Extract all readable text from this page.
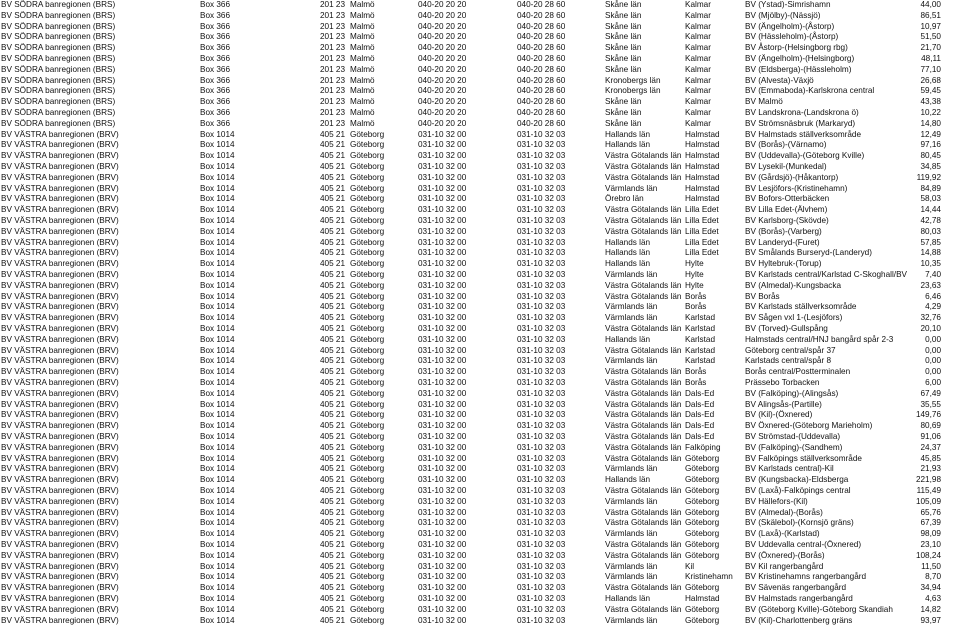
BV SÖDRA banregionen (BRS)	Box 366	201 23 Malmö	040-20 20 20	040-20 28 60	Skåne län	Kalmar	BV (Ystad)-Simrishamn	44,00
BV SÖDRA banregionen (BRS)	Box 366	201 23 Malmö	040-20 20 20	040-20 28 60	Skåne län	Kalmar	BV (Mjölby)-(Nässjö)	86,51
BV SÖDRA banregionen (BRS)	Box 366	201 23 Malmö	040-20 20 20	040-20 28 60	Skåne län	Kalmar	BV (Ängelholm)-(Åstorp)	10,97
BV SÖDRA banregionen (BRS)	Box 366	201 23 Malmö	040-20 20 20	040-20 28 60	Skåne län	Kalmar	BV (Hässleholm)-(Åstorp)	51,50
BV SÖDRA banregionen (BRS)	Box 366	201 23 Malmö	040-20 20 20	040-20 28 60	Skåne län	Kalmar	BV Åstorp-(Helsingborg rbg)	21,70
BV SÖDRA banregionen (BRS)	Box 366	201 23 Malmö	040-20 20 20	040-20 28 60	Skåne län	Kalmar	BV (Ängelholm)-(Helsingborg)	48,11
BV SÖDRA banregionen (BRS)	Box 366	201 23 Malmö	040-20 20 20	040-20 28 60	Skåne län	Kalmar	BV (Eldsberga)-(Hässleholm)	77,10
BV SÖDRA banregionen (BRS)	Box 366	201 23 Malmö	040-20 20 20	040-20 28 60	Kronobergs län	Kalmar	BV (Alvesta)-Växjö	26,68
BV SÖDRA banregionen (BRS)	Box 366	201 23 Malmö	040-20 20 20	040-20 28 60	Kronobergs län	Kalmar	BV (Emmaboda)-Karlskrona central	59,45
BV SÖDRA banregionen (BRS)	Box 366	201 23 Malmö	040-20 20 20	040-20 28 60	Skåne län	Kalmar	BV Malmö	43,38
BV SÖDRA banregionen (BRS)	Box 366	201 23 Malmö	040-20 20 20	040-20 28 60	Skåne län	Kalmar	BV Landskrona-(Landskrona ö)	10,22
BV SÖDRA banregionen (BRS)	Box 366	201 23 Malmö	040-20 20 20	040-20 28 60	Skåne län	Kalmar	BV Strömsnäsbruk (Markaryd)	14,80
BV VÄSTRA banregionen (BRV)	Box 1014	405 21 Göteborg	031-10 32 00	031-10 32 03	Hallands län	Halmstad	BV Halmstads ställverksområde	12,49
BV VÄSTRA banregionen (BRV)	Box 1014	405 21 Göteborg	031-10 32 00	031-10 32 03	Hallands län	Halmstad	BV (Borås)-(Värnamo)	97,16
BV VÄSTRA banregionen (BRV)	Box 1014	405 21 Göteborg	031-10 32 00	031-10 32 03	Västra Götalands län Halmstad	BV (Uddevalla)-(Göteborg Kville)	80,45
BV VÄSTRA banregionen (BRV)	Box 1014	405 21 Göteborg	031-10 32 00	031-10 32 03	Västra Götalands län Halmstad	BV Lysekil-(Munkedal)	34,85
BV VÄSTRA banregionen (BRV)	Box 1014	405 21 Göteborg	031-10 32 00	031-10 32 03	Västra Götalands län Halmstad	BV (Gårdsjö)-(Håkantorp)	119,92
BV VÄSTRA banregionen (BRV)	Box 1014	405 21 Göteborg	031-10 32 00	031-10 32 03	Värmlands län	Halmstad	BV Lesjöfors-(Kristinehamn)	84,89
BV VÄSTRA banregionen (BRV)	Box 1014	405 21 Göteborg	031-10 32 00	031-10 32 03	Örebro län	Halmstad	BV Bofors-Otterbäcken	58,03
BV VÄSTRA banregionen (BRV)	Box 1014	405 21 Göteborg	031-10 32 00	031-10 32 03	Västra Götalands län Lilla Edet	BV Lilla Edet-(Älvhem)	14,44
BV VÄSTRA banregionen (BRV)	Box 1014	405 21 Göteborg	031-10 32 00	031-10 32 03	Västra Götalands län Lilla Edet	BV Karlsborg-(Skövde)	42,78
BV VÄSTRA banregionen (BRV)	Box 1014	405 21 Göteborg	031-10 32 00	031-10 32 03	Västra Götalands län Lilla Edet	BV (Borås)-(Varberg)	80,03
BV VÄSTRA banregionen (BRV)	Box 1014	405 21 Göteborg	031-10 32 00	031-10 32 03	Hallands län	Lilla Edet	BV Landeryd-(Furet)	57,85
BV VÄSTRA banregionen (BRV)	Box 1014	405 21 Göteborg	031-10 32 00	031-10 32 03	Hallands län	Lilla Edet	BV Smålands Burseryd-(Landeryd)	14,88
BV VÄSTRA banregionen (BRV)	Box 1014	405 21 Göteborg	031-10 32 00	031-10 32 03	Hallands län	Hylte	BV Hyltebruk-(Torup)	10,35
BV VÄSTRA banregionen (BRV)	Box 1014	405 21 Göteborg	031-10 32 00	031-10 32 03	Värmlands län	Hylte	BV Karlstads central/Karlstad C-Skoghall/BV	7,40
BV VÄSTRA banregionen (BRV)	Box 1014	405 21 Göteborg	031-10 32 00	031-10 32 03	Västra Götalands län Hylte	BV (Almedal)-Kungsbacka	23,63
BV VÄSTRA banregionen (BRV)	Box 1014	405 21 Göteborg	031-10 32 00	031-10 32 03	Västra Götalands län Borås	BV Borås	6,46
BV VÄSTRA banregionen (BRV)	Box 1014	405 21 Göteborg	031-10 32 00	031-10 32 03	Värmlands län	Borås	BV Karlstads ställverksområde	4,29
BV VÄSTRA banregionen (BRV)	Box 1014	405 21 Göteborg	031-10 32 00	031-10 32 03	Värmlands län	Karlstad	BV Sågen vxl 1-(Lesjöfors)	32,76
BV VÄSTRA banregionen (BRV)	Box 1014	405 21 Göteborg	031-10 32 00	031-10 32 03	Västra Götalands län Karlstad	BV (Torved)-Gullspång	20,10
BV VÄSTRA banregionen (BRV)	Box 1014	405 21 Göteborg	031-10 32 00	031-10 32 03	Hallands län	Karlstad	Halmstads central/HNJ bangård spår 2-3	0,00
BV VÄSTRA banregionen (BRV)	Box 1014	405 21 Göteborg	031-10 32 00	031-10 32 03	Västra Götalands län Karlstad	Göteborg central/spår 37	0,00
BV VÄSTRA banregionen (BRV)	Box 1014	405 21 Göteborg	031-10 32 00	031-10 32 03	Värmlands län	Karlstad	Karlstads central/spår 8	0,00
BV VÄSTRA banregionen (BRV)	Box 1014	405 21 Göteborg	031-10 32 00	031-10 32 03	Västra Götalands län Borås	Borås central/Postterminalen	0,00
BV VÄSTRA banregionen (BRV)	Box 1014	405 21 Göteborg	031-10 32 00	031-10 32 03	Västra Götalands län Borås	Prässebo Torbacken	6,00
BV VÄSTRA banregionen (BRV)	Box 1014	405 21 Göteborg	031-10 32 00	031-10 32 03	Västra Götalands län Dals-Ed	BV (Falköping)-(Alingsås)	67,49
BV VÄSTRA banregionen (BRV)	Box 1014	405 21 Göteborg	031-10 32 00	031-10 32 03	Västra Götalands län Dals-Ed	BV Alingsås-(Partille)	35,55
BV VÄSTRA banregionen (BRV)	Box 1014	405 21 Göteborg	031-10 32 00	031-10 32 03	Västra Götalands län Dals-Ed	BV (Kil)-(Öxnered)	149,76
BV VÄSTRA banregionen (BRV)	Box 1014	405 21 Göteborg	031-10 32 00	031-10 32 03	Västra Götalands län Dals-Ed	BV Öxnered-(Göteborg Marieholm)	80,69
BV VÄSTRA banregionen (BRV)	Box 1014	405 21 Göteborg	031-10 32 00	031-10 32 03	Västra Götalands län Dals-Ed	BV Strömstad-(Uddevalla)	91,06
BV VÄSTRA banregionen (BRV)	Box 1014	405 21 Göteborg	031-10 32 00	031-10 32 03	Västra Götalands län Falköping	BV (Falköping)-(Sandhem)	24,37
BV VÄSTRA banregionen (BRV)	Box 1014	405 21 Göteborg	031-10 32 00	031-10 32 03	Västra Götalands län Göteborg	BV Falköpings ställverksområde	45,85
BV VÄSTRA banregionen (BRV)	Box 1014	405 21 Göteborg	031-10 32 00	031-10 32 03	Värmlands län	Göteborg	BV Karlstads central)-Kil	21,93
BV VÄSTRA banregionen (BRV)	Box 1014	405 21 Göteborg	031-10 32 00	031-10 32 03	Hallands län	Göteborg	BV (Kungsbacka)-Eldsberga	221,98
BV VÄSTRA banregionen (BRV)	Box 1014	405 21 Göteborg	031-10 32 00	031-10 32 03	Västra Götalands län Göteborg	BV (Laxå)-Falköpings central	115,49
BV VÄSTRA banregionen (BRV)	Box 1014	405 21 Göteborg	031-10 32 00	031-10 32 03	Värmlands län	Göteborg	BV Hällefors-(Kil)	105,09
BV VÄSTRA banregionen (BRV)	Box 1014	405 21 Göteborg	031-10 32 00	031-10 32 03	Västra Götalands län Göteborg	BV (Almedal)-(Borås)	65,76
BV VÄSTRA banregionen (BRV)	Box 1014	405 21 Göteborg	031-10 32 00	031-10 32 03	Västra Götalands län Göteborg	BV (Skälebol)-(Kornsjö gräns)	67,39
BV VÄSTRA banregionen (BRV)	Box 1014	405 21 Göteborg	031-10 32 00	031-10 32 03	Värmlands län	Göteborg	BV (Laxå)-(Karlstad)	98,09
BV VÄSTRA banregionen (BRV)	Box 1014	405 21 Göteborg	031-10 32 00	031-10 32 03	Västra Götalands län Göteborg	BV Uddevalla central-(Öxnered)	23,10
BV VÄSTRA banregionen (BRV)	Box 1014	405 21 Göteborg	031-10 32 00	031-10 32 03	Västra Götalands län Göteborg	BV (Öxnered)-(Borås)	108,24
BV VÄSTRA banregionen (BRV)	Box 1014	405 21 Göteborg	031-10 32 00	031-10 32 03	Värmlands län	Kil	BV Kil rangerbangård	11,50
BV VÄSTRA banregionen (BRV)	Box 1014	405 21 Göteborg	031-10 32 00	031-10 32 03	Värmlands län	Kristinehamn	BV Kristinehamns rangerbangård	8,70
BV VÄSTRA banregionen (BRV)	Box 1014	405 21 Göteborg	031-10 32 00	031-10 32 03	Västra Götalands län Göteborg	BV Sävenäs rangerbangård	34,94
BV VÄSTRA banregionen (BRV)	Box 1014	405 21 Göteborg	031-10 32 00	031-10 32 03	Hallands län	Halmstad	BV Halmstads rangerbangård	4,63
BV VÄSTRA banregionen (BRV)	Box 1014	405 21 Göteborg	031-10 32 00	031-10 32 03	Västra Götalands län Göteborg	BV (Göteborg Kville)-Göteborg Skandiah	14,82
BV VÄSTRA banregionen (BRV)	Box 1014	405 21 Göteborg	031-10 32 00	031-10 32 03	Värmlands län	Göteborg	BV (Kil)-Charlottenberg gräns	93,97
